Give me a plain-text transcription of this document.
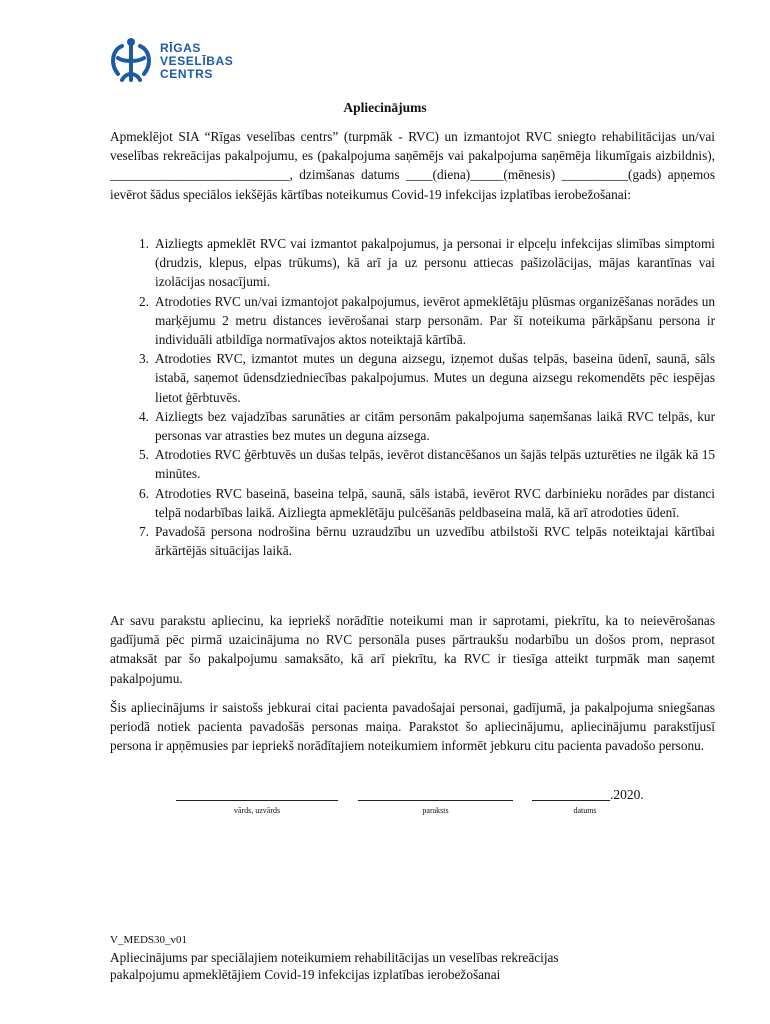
RĪGAS
VESELĪBAS
CENTRS
Apliecinājums
Apmeklējot SIA “Rīgas veselības centrs” (turpmāk - RVC) un izmantojot RVC sniegto rehabilitācijas un/vai veselības rekreācijas pakalpojumu, es (pakalpojuma saņēmējs vai pakalpojuma saņēmēja likumīgais aizbildnis), ___________________________, dzimšanas datums ____(diena)_____(mēnesis) __________(gads) apņemos ievērot šādus speciālos iekšējās kārtības noteikumus Covid-19 infekcijas izplatības ierobežošanai:
1. Aizliegts apmeklēt RVC vai izmantot pakalpojumus, ja personai ir elpceļu infekcijas slimības simptomi (drudzis, klepus, elpas trūkums), kā arī ja uz personu attiecas pašizolācijas, mājas karantīnas vai izolācijas nosacījumi.
2. Atrodoties RVC un/vai izmantojot pakalpojumus, ievērot apmeklētāju plūsmas organizēšanas norādes un marķējumu 2 metru distances ievērošanai starp personām. Par šī noteikuma pārkāpšanu persona ir individuāli atbildīga normatīvajos aktos noteiktajā kārtībā.
3. Atrodoties RVC, izmantot mutes un deguna aizsegu, izņemot dušas telpās, baseina ūdenī, saunā, sāls istabā, saņemot ūdensdziedniecības pakalpojumus. Mutes un deguna aizsegu rekomendēts pēc iespējas lietot ģērbtuvēs.
4. Aizliegts bez vajadzības sarunāties ar citām personām pakalpojuma saņemšanas laikā RVC telpās, kur personas var atrasties bez mutes un deguna aizsega.
5. Atrodoties RVC ģērbtuvēs un dušas telpās, ievērot distancēšanos un šajās telpās uzturēties ne ilgāk kā 15 minūtes.
6. Atrodoties RVC baseinā, baseina telpā, saunā, sāls istabā, ievērot RVC darbinieku norādes par distanci telpā nodarbības laikā. Aizliegta apmeklētāju pulcēšanās peldbaseina malā, kā arī atrodoties ūdenī.
7. Pavadošā persona nodrošina bērnu uzraudzību un uzvedību atbilstoši RVC telpās noteiktajai kārtībai ārkārtējās situācijas laikā.
Ar savu parakstu apliecinu, ka iepriekš norādītie noteikumi man ir saprotami, piekrītu, ka to neievērošanas gadījumā pēc pirmā uzaicinājuma no RVC personāla puses pārtraukšu nodarbību un došos prom, neprasot atmaksāt par šo pakalpojumu samaksāto, kā arī piekrītu, ka RVC ir tiesīga atteikt turpmāk man saņemt pakalpojumu.
Šis apliecinājums ir saistošs jebkurai citai pacienta pavadošajai personai, gadījumā, ja pakalpojuma sniegšanas periodā notiek pacienta pavadošās personas maiņa. Parakstot šo apliecinājumu, apliecinājumu parakstījusī persona ir apņēmusies par iepriekš norādītajiem noteikumiem informēt jebkuru citu pacienta pavadošo personu.
vārds, uzvārds	paraksts
.2020.
datums
V_MEDS30_v01
Apliecinājums par speciālajiem noteikumiem rehabilitācijas un veselības rekreācijas
pakalpojumu apmeklētājiem Covid-19 infekcijas izplatības ierobežošanai
